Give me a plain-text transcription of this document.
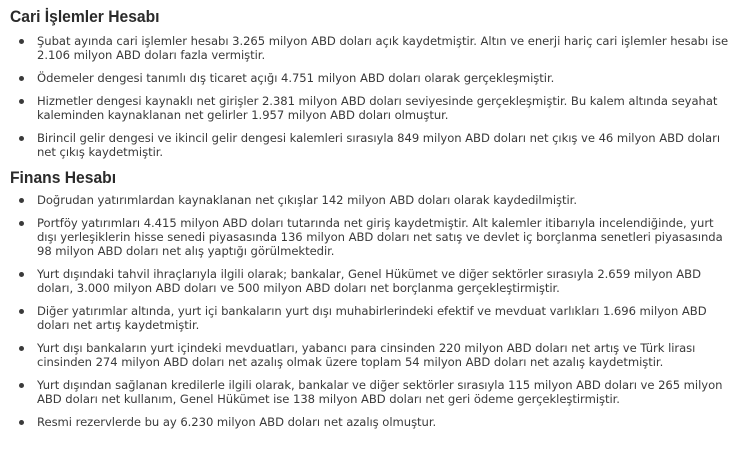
Cari İşlemler Hesabı
Şubat ayında cari işlemler hesabı 3.265 milyon ABD doları açık kaydetmiştir. Altın ve enerji hariç cari işlemler hesabı ise 2.106 milyon ABD doları fazla vermiştir.
Ödemeler dengesi tanımlı dış ticaret açığı 4.751 milyon ABD doları olarak gerçekleşmiştir.
Hizmetler dengesi kaynaklı net girişler 2.381 milyon ABD doları seviyesinde gerçekleşmiştir. Bu kalem altında seyahat kaleminden kaynaklanan net gelirler 1.957 milyon ABD doları olmuştur.
Birincil gelir dengesi ve ikincil gelir dengesi kalemleri sırasıyla 849 milyon ABD doları net çıkış ve 46 milyon ABD doları net çıkış kaydetmiştir.
Finans Hesabı
Doğrudan yatırımlardan kaynaklanan net çıkışlar 142 milyon ABD doları olarak kaydedilmiştir.
Portföy yatırımları 4.415 milyon ABD doları tutarında net giriş kaydetmiştir. Alt kalemler itibarıyla incelendiğinde, yurt dışı yerleşiklerin hisse senedi piyasasında 136 milyon ABD doları net satış ve devlet iç borçlanma senetleri piyasasında 98 milyon ABD doları net alış yaptığı görülmektedir.
Yurt dışındaki tahvil ihraçlarıyla ilgili olarak; bankalar, Genel Hükümet ve diğer sektörler sırasıyla 2.659 milyon ABD doları, 3.000 milyon ABD doları ve 500 milyon ABD doları net borçlanma gerçekleştirmiştir.
Diğer yatırımlar altında, yurt içi bankaların yurt dışı muhabirlerindeki efektif ve mevduat varlıkları 1.696 milyon ABD doları net artış kaydetmiştir.
Yurt dışı bankaların yurt içindeki mevduatları, yabancı para cinsinden 220 milyon ABD doları net artış ve Türk lirası cinsinden 274 milyon ABD doları net azalış olmak üzere toplam 54 milyon ABD doları net azalış kaydetmiştir.
Yurt dışından sağlanan kredilerle ilgili olarak, bankalar ve diğer sektörler sırasıyla 115 milyon ABD doları ve 265 milyon ABD doları net kullanım, Genel Hükümet ise 138 milyon ABD doları net geri ödeme gerçekleştirmiştir.
Resmi rezervlerde bu ay 6.230 milyon ABD doları net azalış olmuştur.
